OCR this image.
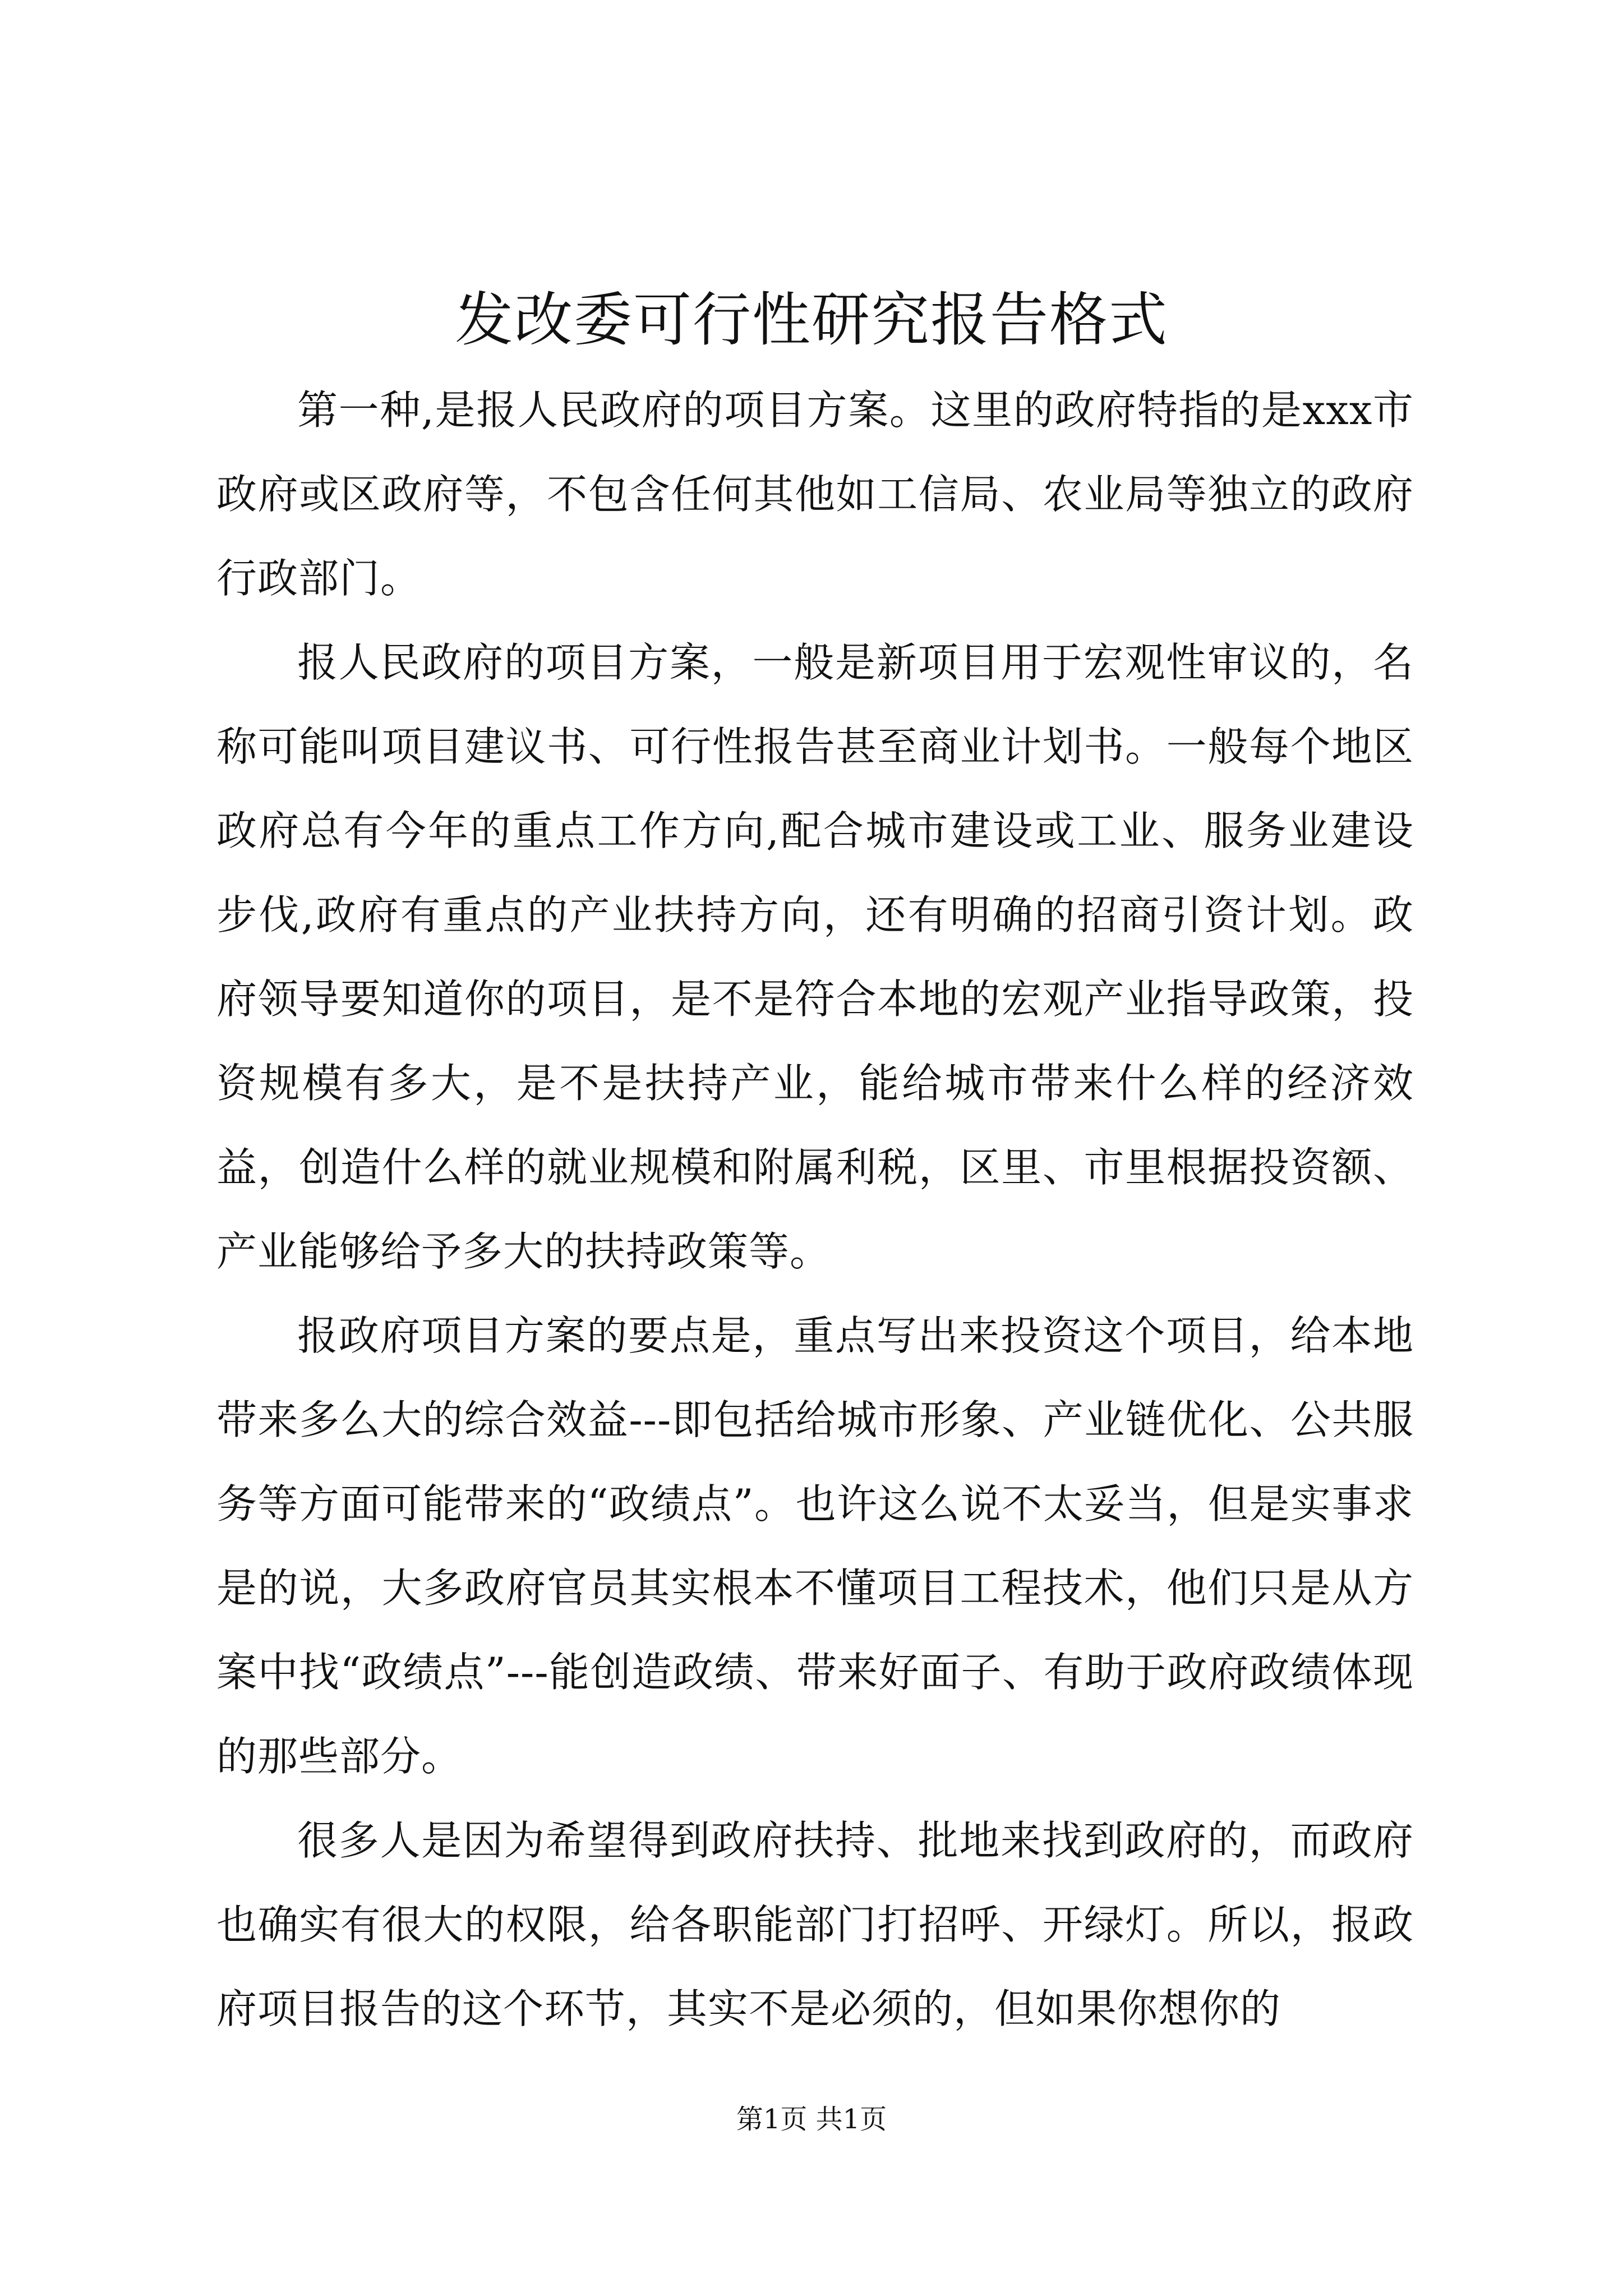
发改委可行性研究报告格式

第一种,是报人民政府的项目方案。这里的政府特指的是xxx市政府或区政府等，不包含任何其他如工信局、农业局等独立的政府行政部门。

报人民政府的项目方案，一般是新项目用于宏观性审议的，名称可能叫项目建议书、可行性报告甚至商业计划书。一般每个地区政府总有今年的重点工作方向,配合城市建设或工业、服务业建设步伐,政府有重点的产业扶持方向，还有明确的招商引资计划。政府领导要知道你的项目，是不是符合本地的宏观产业指导政策，投资规模有多大，是不是扶持产业，能给城市带来什么样的经济效益，创造什么样的就业规模和附属利税，区里、市里根据投资额、产业能够给予多大的扶持政策等。

报政府项目方案的要点是，重点写出来投资这个项目，给本地带来多么大的综合效益---即包括给城市形象、产业链优化、公共服务等方面可能带来的“政绩点”。也许这么说不太妥当，但是实事求是的说，大多政府官员其实根本不懂项目工程技术，他们只是从方案中找“政绩点”---能创造政绩、带来好面子、有助于政府政绩体现的那些部分。

很多人是因为希望得到政府扶持、批地来找到政府的，而政府也确实有很大的权限，给各职能部门打招呼、开绿灯。所以，报政府项目报告的这个环节，其实不是必须的，但如果你想你的

第1页 共1页
